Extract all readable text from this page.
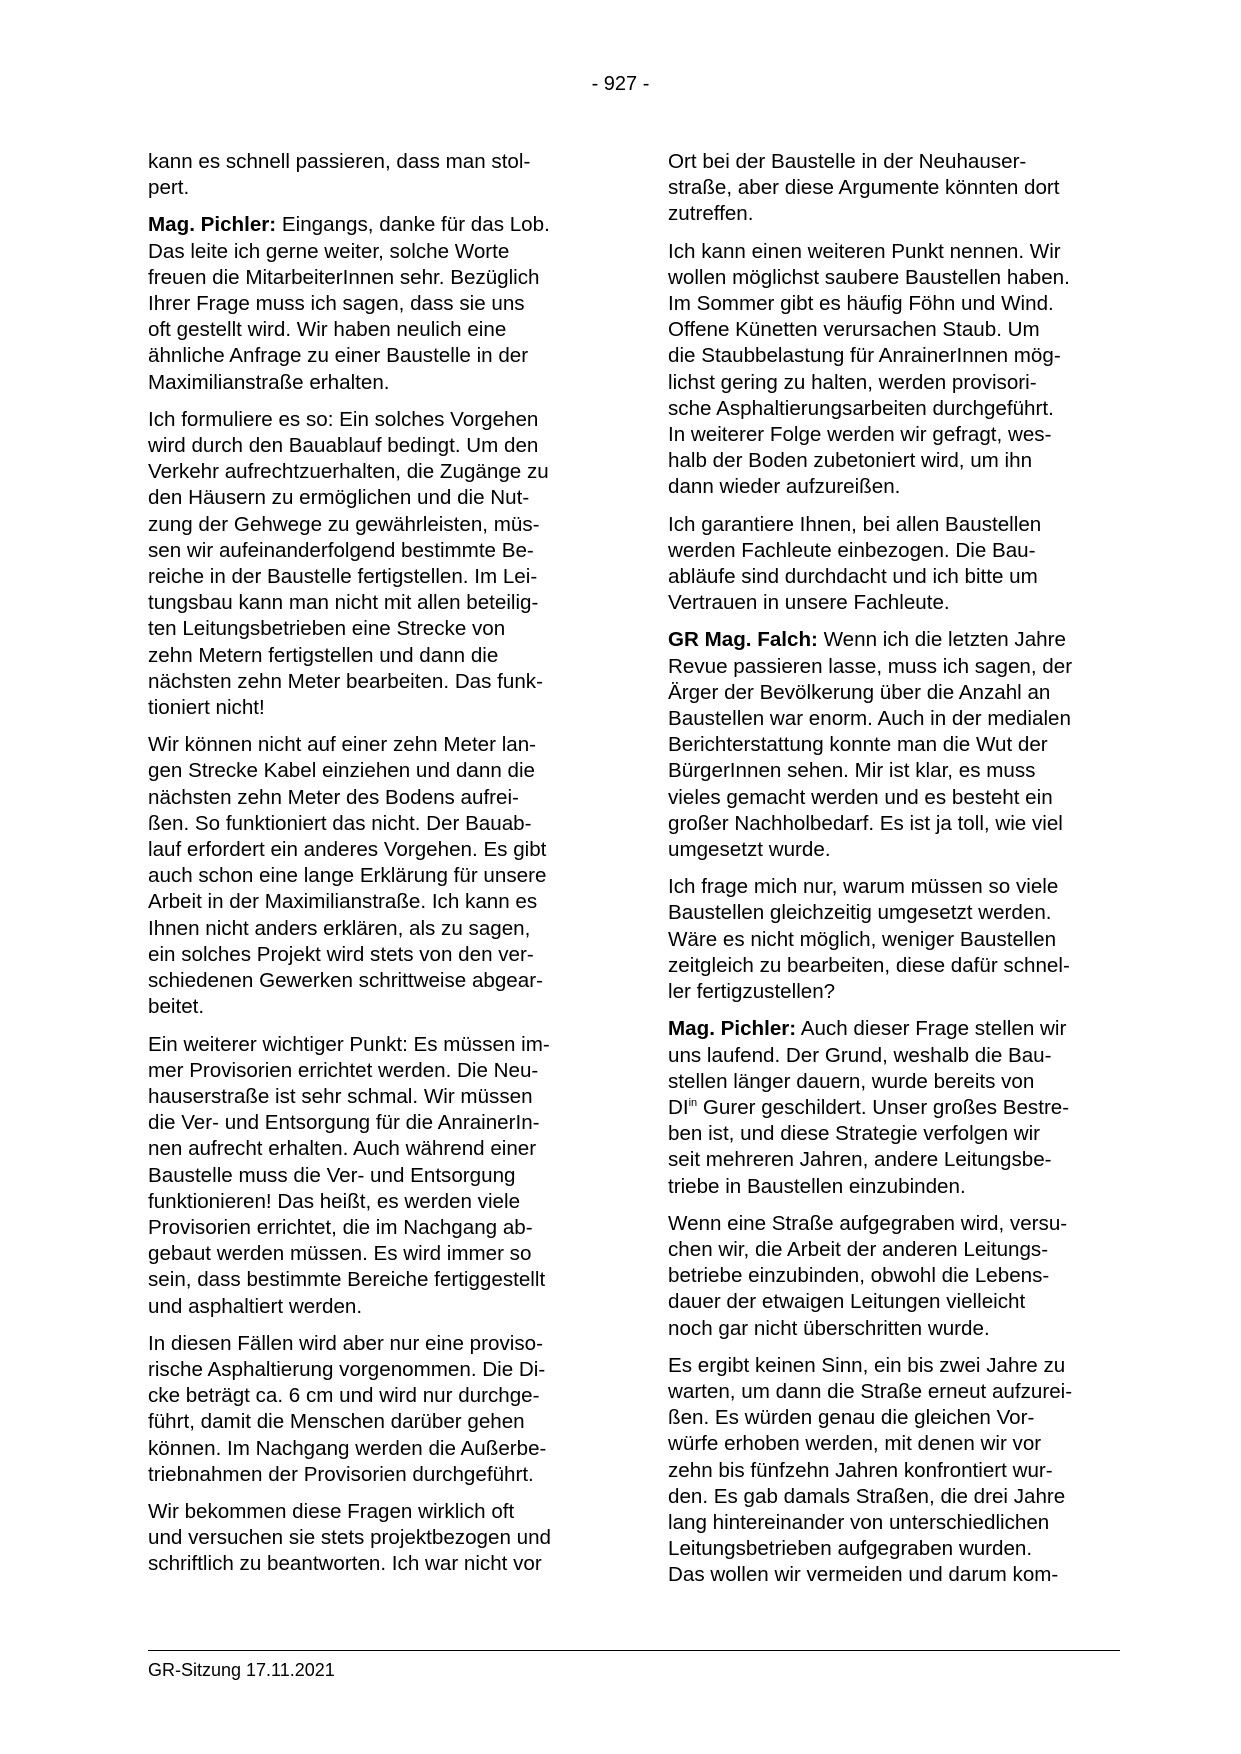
- 927 -

kann es schnell passieren, dass man stol-
pert.

Mag. Pichler: Eingangs, danke für das Lob.
Das leite ich gerne weiter, solche Worte
freuen die MitarbeiterInnen sehr. Bezüglich
Ihrer Frage muss ich sagen, dass sie uns
oft gestellt wird. Wir haben neulich eine
ähnliche Anfrage zu einer Baustelle in der
Maximilianstraße erhalten.

Ich formuliere es so: Ein solches Vorgehen
wird durch den Bauablauf bedingt. Um den
Verkehr aufrechtzuerhalten, die Zugänge zu
den Häusern zu ermöglichen und die Nut-
zung der Gehwege zu gewährleisten, müs-
sen wir aufeinanderfolgend bestimmte Be-
reiche in der Baustelle fertigstellen. Im Lei-
tungsbau kann man nicht mit allen beteilig-
ten Leitungsbetrieben eine Strecke von
zehn Metern fertigstellen und dann die
nächsten zehn Meter bearbeiten. Das funk-
tioniert nicht!

Wir können nicht auf einer zehn Meter lan-
gen Strecke Kabel einziehen und dann die
nächsten zehn Meter des Bodens aufrei-
ßen. So funktioniert das nicht. Der Bauab-
lauf erfordert ein anderes Vorgehen. Es gibt
auch schon eine lange Erklärung für unsere
Arbeit in der Maximilianstraße. Ich kann es
Ihnen nicht anders erklären, als zu sagen,
ein solches Projekt wird stets von den ver-
schiedenen Gewerken schrittweise abgear-
beitet.

Ein weiterer wichtiger Punkt: Es müssen im-
mer Provisorien errichtet werden. Die Neu-
hauserstraße ist sehr schmal. Wir müssen
die Ver- und Entsorgung für die AnrainerIn-
nen aufrecht erhalten. Auch während einer
Baustelle muss die Ver- und Entsorgung
funktionieren! Das heißt, es werden viele
Provisorien errichtet, die im Nachgang ab-
gebaut werden müssen. Es wird immer so
sein, dass bestimmte Bereiche fertiggestellt
und asphaltiert werden.

In diesen Fällen wird aber nur eine proviso-
rische Asphaltierung vorgenommen. Die Di-
cke beträgt ca. 6 cm und wird nur durchge-
führt, damit die Menschen darüber gehen
können. Im Nachgang werden die Außerbe-
triebnahmen der Provisorien durchgeführt.

Wir bekommen diese Fragen wirklich oft
und versuchen sie stets projektbezogen und
schriftlich zu beantworten. Ich war nicht vor

Ort bei der Baustelle in der Neuhauser-
straße, aber diese Argumente könnten dort
zutreffen.

Ich kann einen weiteren Punkt nennen. Wir
wollen möglichst saubere Baustellen haben.
Im Sommer gibt es häufig Föhn und Wind.
Offene Künetten verursachen Staub. Um
die Staubbelastung für AnrainerInnen mög-
lichst gering zu halten, werden provisori-
sche Asphaltierungsarbeiten durchgeführt.
In weiterer Folge werden wir gefragt, wes-
halb der Boden zubetoniert wird, um ihn
dann wieder aufzureißen.

Ich garantiere Ihnen, bei allen Baustellen
werden Fachleute einbezogen. Die Bau-
abläufe sind durchdacht und ich bitte um
Vertrauen in unsere Fachleute.

GR Mag. Falch: Wenn ich die letzten Jahre
Revue passieren lasse, muss ich sagen, der
Ärger der Bevölkerung über die Anzahl an
Baustellen war enorm. Auch in der medialen
Berichterstattung konnte man die Wut der
BürgerInnen sehen. Mir ist klar, es muss
vieles gemacht werden und es besteht ein
großer Nachholbedarf. Es ist ja toll, wie viel
umgesetzt wurde.

Ich frage mich nur, warum müssen so viele
Baustellen gleichzeitig umgesetzt werden.
Wäre es nicht möglich, weniger Baustellen
zeitgleich zu bearbeiten, diese dafür schnel-
ler fertigzustellen?

Mag. Pichler: Auch dieser Frage stellen wir
uns laufend. Der Grund, weshalb die Bau-
stellen länger dauern, wurde bereits von
$DI^{in}$ Gurer geschildert. Unser großes Bestre-
ben ist, und diese Strategie verfolgen wir
seit mehreren Jahren, andere Leitungsbe-
triebe in Baustellen einzubinden.

Wenn eine Straße aufgegraben wird, versu-
chen wir, die Arbeit der anderen Leitungs-
betriebe einzubinden, obwohl die Lebens-
dauer der etwaigen Leitungen vielleicht
noch gar nicht überschritten wurde.

Es ergibt keinen Sinn, ein bis zwei Jahre zu
warten, um dann die Straße erneut aufzurei-
ßen. Es würden genau die gleichen Vor-
würfe erhoben werden, mit denen wir vor
zehn bis fünfzehn Jahren konfrontiert wur-
den. Es gab damals Straßen, die drei Jahre
lang hintereinander von unterschiedlichen
Leitungsbetrieben aufgegraben wurden.
Das wollen wir vermeiden und darum kom-

GR-Sitzung 17.11.2021
